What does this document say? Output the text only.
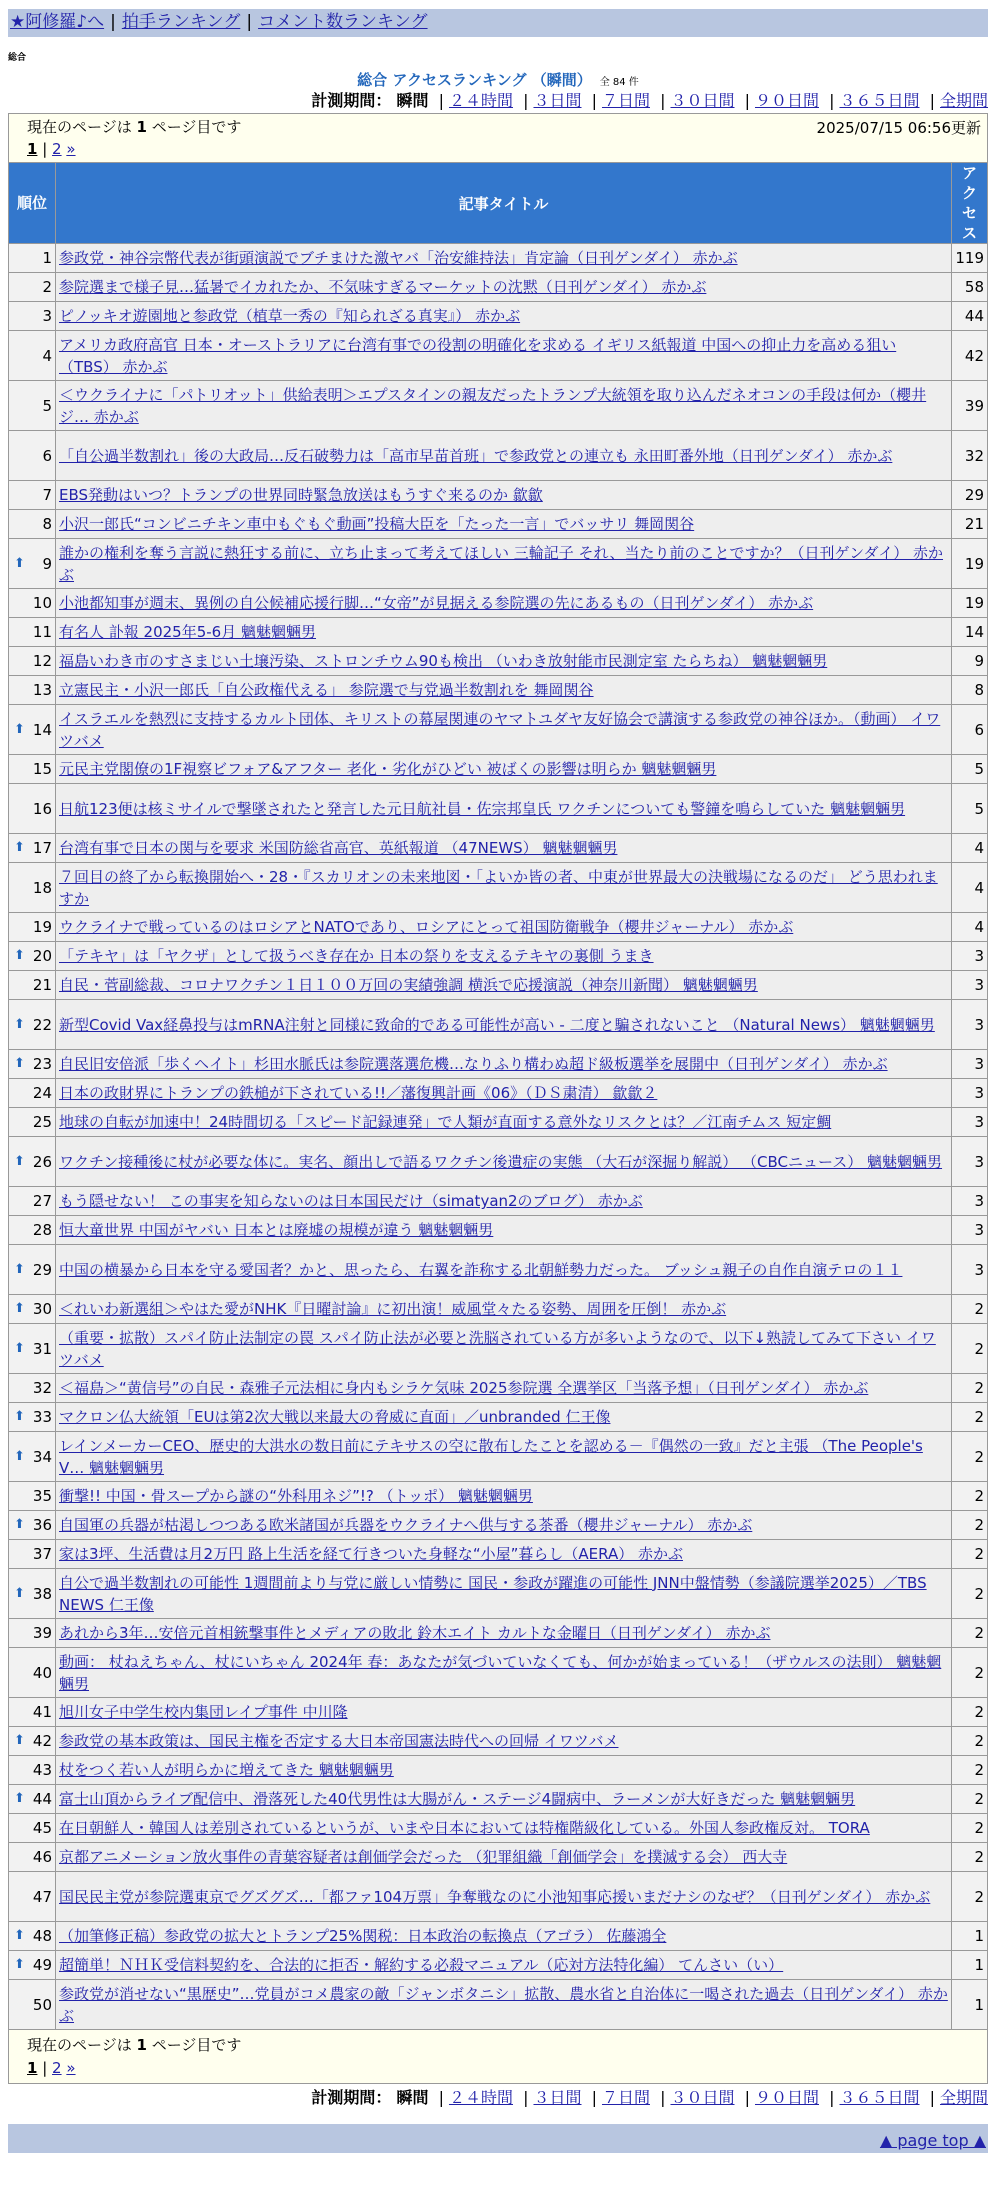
★阿修羅♪へ | 拍手ランキング | コメント数ランキング
総合
総合 アクセスランキング （瞬間） 全 84 件
計測期間： 瞬間 | ２４時間 | ３日間 | ７日間 | ３０日間 | ９０日間 | ３６５日間 | 全期間
現在のページは 1 ページ目です	2025/07/15 06:56更新
1 | 2 »
順位	記事タイトル	アクセス
1	参政党・神谷宗幣代表が街頭演説でブチまけた激ヤバ「治安維持法」肯定論（日刊ゲンダイ） 赤かぶ	119
2	参院選まで様子見…猛暑でイカれたか、不気味すぎるマーケットの沈黙（日刊ゲンダイ） 赤かぶ	58
3	ピノッキオ遊園地と参政党（植草一秀の『知られざる真実』） 赤かぶ	44
4	アメリカ政府高官 日本・オーストラリアに台湾有事での役割の明確化を求める イギリス紙報道 中国への抑止力を高める狙い（TBS） 赤かぶ	42
5	＜ウクライナに「パトリオット」供給表明＞エプスタインの親友だったトランプ大統領を取り込んだネオコンの手段は何か（櫻井ジ… 赤かぶ	39
6	「自公過半数割れ」後の大政局…反石破勢力は「高市早苗首班」で参政党との連立も 永田町番外地（日刊ゲンダイ） 赤かぶ	32
7	EBS発動はいつ？トランプの世界同時緊急放送はもうすぐ来るのか 歙歙	29
8	小沢一郎氏“コンビニチキン車中もぐもぐ動画”投稿大臣を「たった一言」でバッサリ 舞岡関谷	21

⬆ 9	誰かの権利を奪う言説に熱狂する前に、立ち止まって考えてほしい 三輪記子 それ、当たり前のことですか？（日刊ゲンダイ） 赤かぶ	19
10	小池都知事が週末、異例の自公候補応援行脚…“女帝”が見据える参院選の先にあるもの（日刊ゲンダイ） 赤かぶ	19
11	有名人 訃報 2025年5-6月 魑魅魍魎男	14
12	福島いわき市のすさまじい土壌汚染、ストロンチウム90も検出 （いわき放射能市民測定室 たらちね） 魑魅魍魎男	9
13	立憲民主・小沢一郎氏「自公政権代える」 参院選で与党過半数割れを 舞岡関谷	8

⬆ 14	イスラエルを熱烈に支持するカルト団体、キリストの幕屋関連のヤマトユダヤ友好協会で講演する参政党の神谷ほか。（動画） イワツバメ	6
15	元民主党閣僚の1F視察ビフォア&アフター 老化・劣化がひどい 被ばくの影響は明らか 魑魅魍魎男	5
16	日航123便は核ミサイルで撃墜されたと発言した元日航社員・佐宗邦皇氏 ワクチンについても警鐘を鳴らしていた 魑魅魍魎男	5

⬆ 17	台湾有事で日本の関与を要求 米国防総省高官、英紙報道 （47NEWS） 魑魅魍魎男	4
18	７回目の終了から転換開始へ・28・『スカリオンの未来地図・「よいか皆の者、中東が世界最大の決戦場になるのだ」 どう思われますか	4
19	ウクライナで戦っているのはロシアとNATOであり、ロシアにとって祖国防衛戦争（櫻井ジャーナル） 赤かぶ	4

⬆ 20	「テキヤ」は「ヤクザ」として扱うべき存在か 日本の祭りを支えるテキヤの裏側 うまき	3
21	自民・菅副総裁、コロナワクチン１日１００万回の実績強調 横浜で応援演説（神奈川新聞） 魑魅魍魎男	3

⬆ 22	新型Covid Vax経鼻投与はmRNA注射と同様に致命的である可能性が高い - 二度と騙されないこと （Natural News） 魑魅魍魎男	3

⬆ 23	自民旧安倍派「歩くヘイト」杉田水脈氏は参院選落選危機…なりふり構わぬ超ド級板選挙を展開中（日刊ゲンダイ） 赤かぶ	3
24	日本の政財界にトランプの鉄槌が下されている!!／藩復興計画《06》（ＤＳ粛清） 歙歙２	3
25	地球の自転が加速中！24時間切る「スピード記録連発」で人類が直面する意外なリスクとは？／江南チムス 短定鯛	3

⬆ 26	ワクチン接種後に杖が必要な体に。実名、顔出しで語るワクチン後遺症の実態 （大石が深掘り解説） （CBCニュース） 魑魅魍魎男	3
27	もう隠せない！ この事実を知らないのは日本国民だけ（simatyan2のブログ） 赤かぶ	3
28	恒大童世界 中国がヤバい 日本とは廃墟の規模が違う 魑魅魍魎男	3

⬆ 29	中国の横暴から日本を守る愛国者？かと、思ったら、右翼を詐称する北朝鮮勢力だった。 ブッシュ親子の自作自演テロの１１	3

⬆ 30	＜れいわ新選組＞やはた愛がNHK『日曜討論』に初出演！威風堂々たる姿勢、周囲を圧倒！ 赤かぶ	2

⬆ 31	（重要・拡散）スパイ防止法制定の罠 スパイ防止法が必要と洗脳されている方が多いようなので、以下↓熟読してみて下さい イワツバメ	2
32	＜福島＞“黄信号”の自民・森雅子元法相に身内もシラケ気味 2025参院選 全選挙区「当落予想」（日刊ゲンダイ） 赤かぶ	2

⬆ 33	マクロン仏大統領「EUは第2次大戦以来最大の脅威に直面」／unbranded 仁王像	2

⬆ 34	レインメーカーCEO、歴史的大洪水の数日前にテキサスの空に散布したことを認める－『偶然の一致』だと主張 （The People's V… 魑魅魍魎男	2
35	衝撃!! 中国・骨スープから謎の“外科用ネジ”!? （トッポ） 魑魅魍魎男	2

⬆ 36	自国軍の兵器が枯渇しつつある欧米諸国が兵器をウクライナへ供与する茶番（櫻井ジャーナル） 赤かぶ	2
37	家は3坪、生活費は月2万円 路上生活を経て行きついた身軽な“小屋”暮らし（AERA） 赤かぶ	2

⬆ 38	自公で過半数割れの可能性 1週間前より与党に厳しい情勢に 国民・参政が躍進の可能性 JNN中盤情勢（参議院選挙2025）／TBS NEWS 仁王像	2
39	あれから3年…安倍元首相銃撃事件とメディアの敗北 鈴木エイト カルトな金曜日（日刊ゲンダイ） 赤かぶ	2
40	動画： 杖ねえちゃん、杖にいちゃん 2024年 春：あなたが気づいていなくても、何かが始まっている！（ザウルスの法則） 魑魅魍魎男	2
41	旭川女子中学生校内集団レイプ事件 中川隆	2

⬆ 42	参政党の基本政策は、国民主権を否定する大日本帝国憲法時代への回帰 イワツバメ	2
43	杖をつく若い人が明らかに増えてきた 魑魅魍魎男	2

⬆ 44	富士山頂からライブ配信中、滑落死した40代男性は大腸がん・ステージ4闘病中、ラーメンが大好きだった 魑魅魍魎男	2
45	在日朝鮮人・韓国人は差別されているというが、いまや日本においては特権階級化している。外国人参政権反対。 TORA	2
46	京都アニメーション放火事件の青葉容疑者は創価学会だった （犯罪組織「創価学会」を撲滅する会） 西大寺	2
47	国民民主党が参院選東京でグズグズ…「都ファ104万票」争奪戦なのに小池知事応援いまだナシのなぜ？（日刊ゲンダイ） 赤かぶ	2

⬆ 48	（加筆修正稿）参政党の拡大とトランプ25%関税：日本政治の転換点（アゴラ） 佐藤鴻全	1

⬆ 49	超簡単！ＮＨＫ受信料契約を、合法的に拒否・解約する必殺マニュアル（応対方法特化編） てんさい（い）	1
50	参政党が消せない“黒歴史”…党員がコメ農家の敵「ジャンボタニシ」拡散、農水省と自治体に一喝された過去（日刊ゲンダイ） 赤かぶ	1
現在のページは 1 ページ目です
1 | 2 »
計測期間： 瞬間 | ２４時間 | ３日間 | ７日間 | ３０日間 | ９０日間 | ３６５日間 | 全期間
▲ page top ▲
